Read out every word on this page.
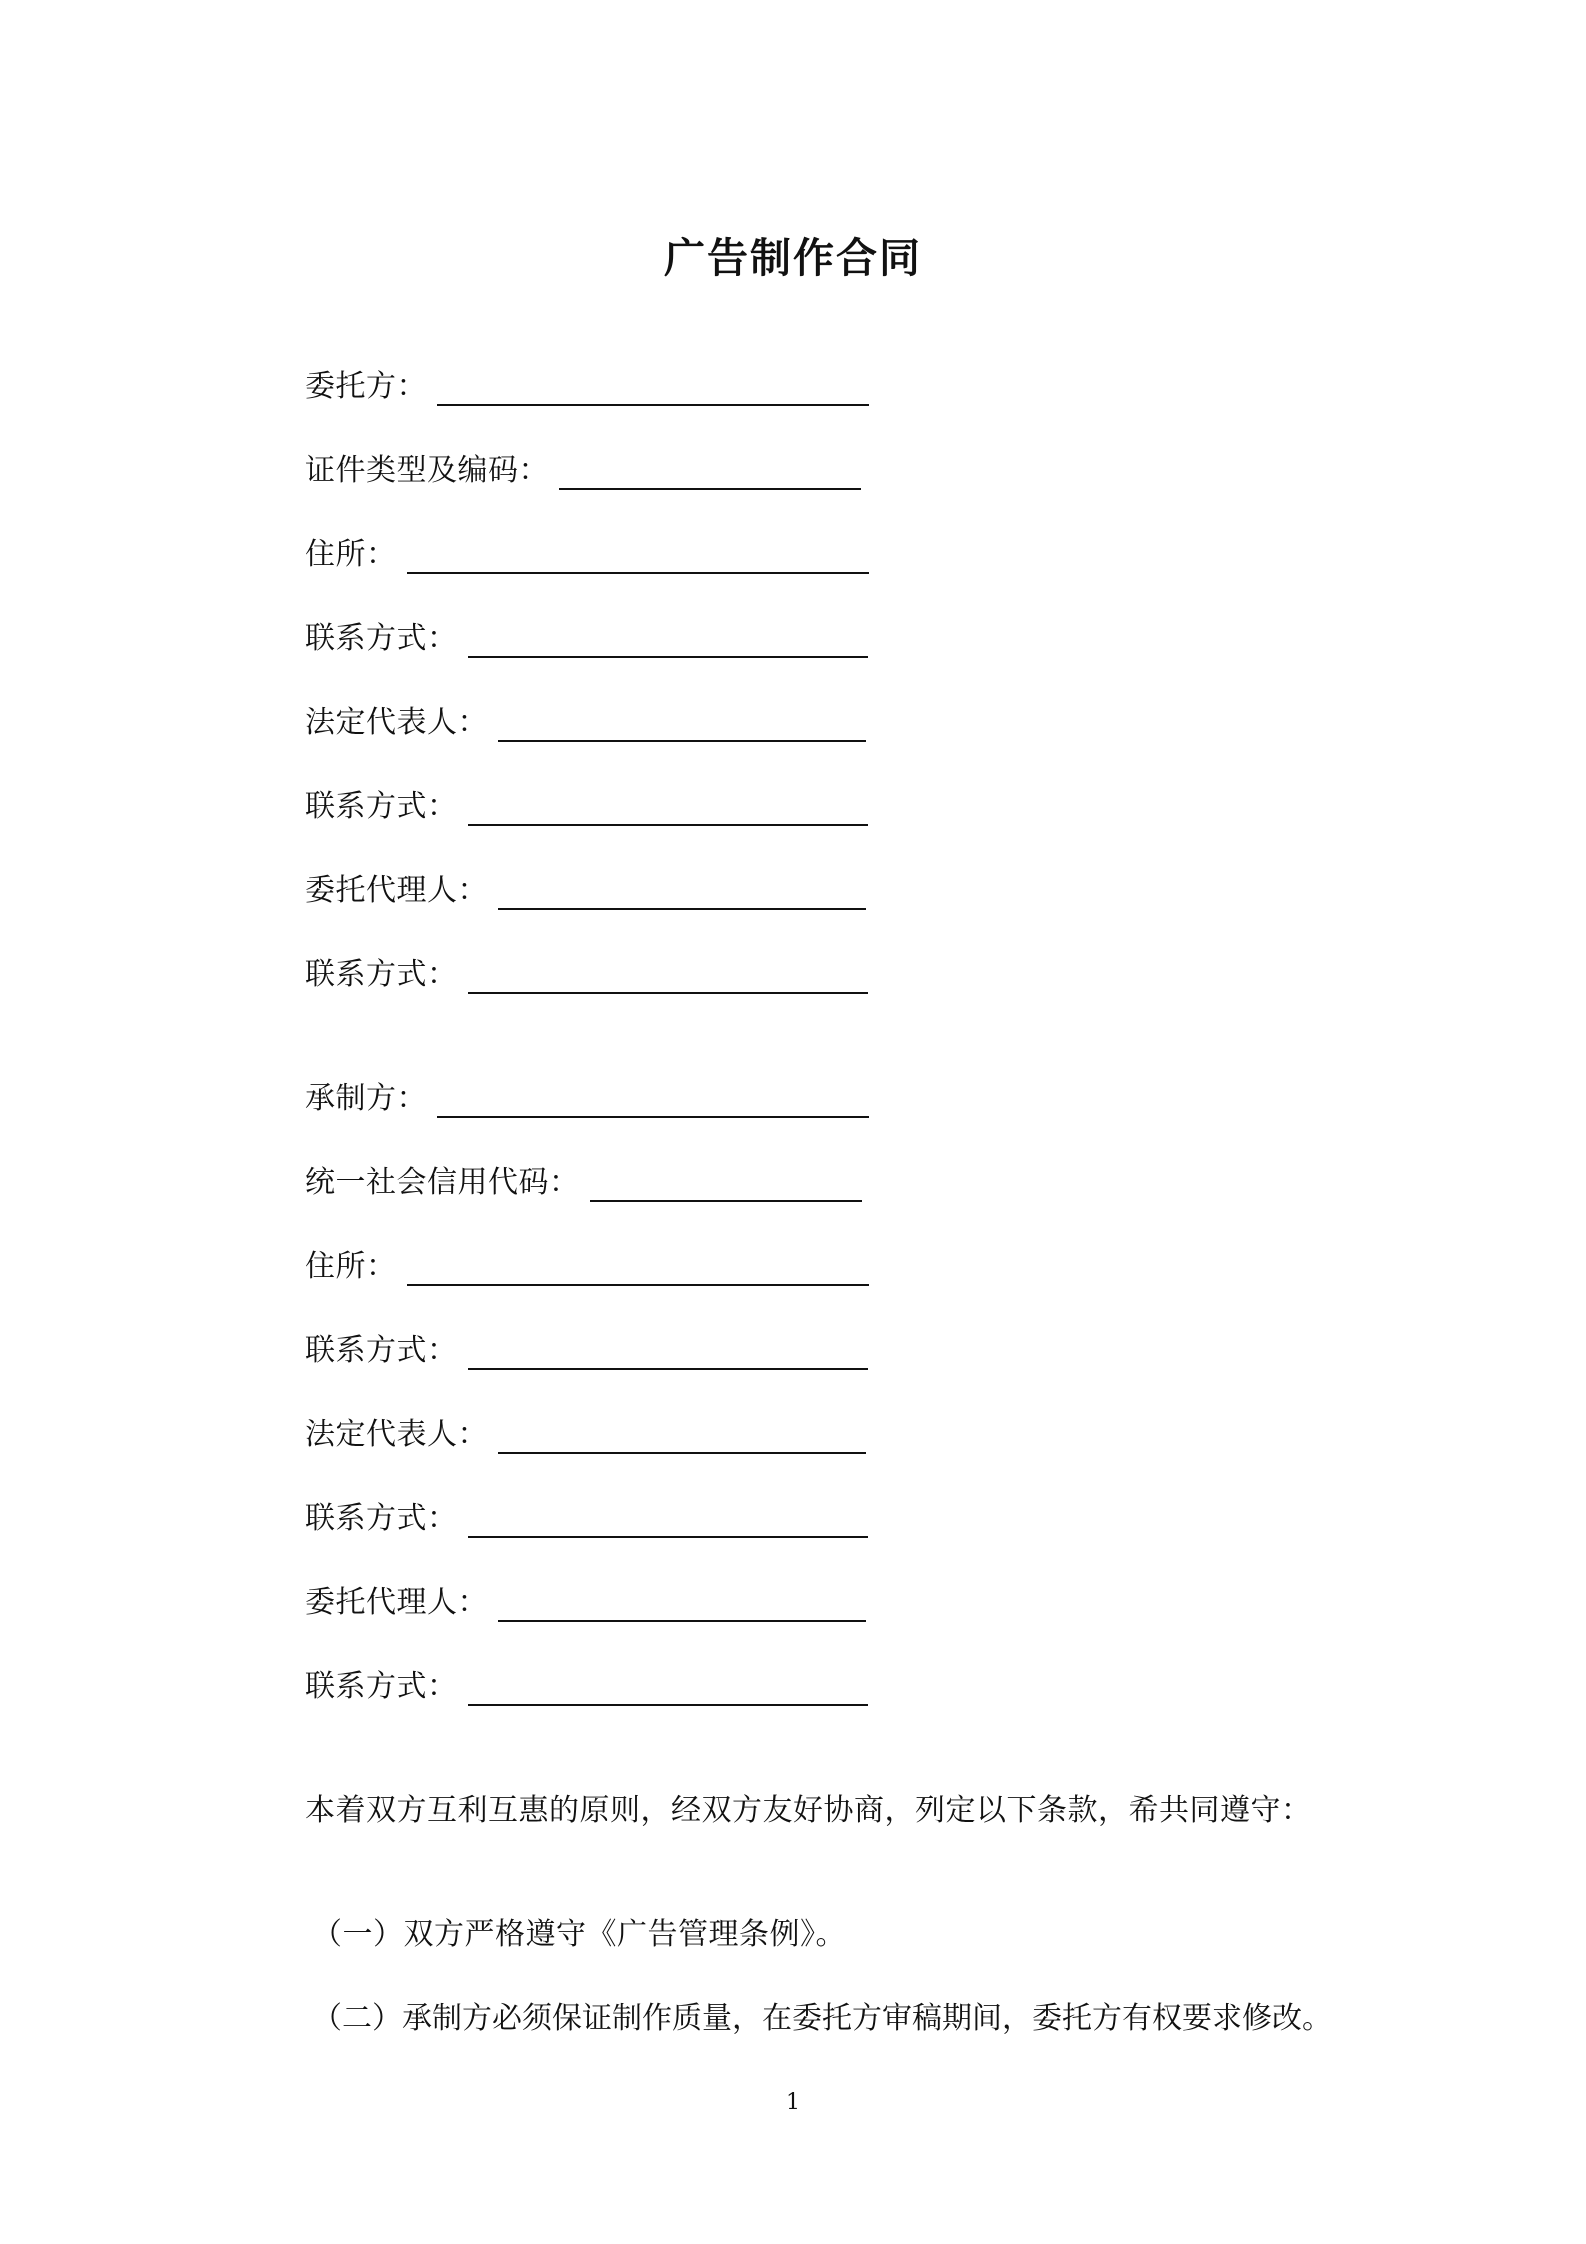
广告制作合同
委托方：
证件类型及编码：
住所：
联系方式：
法定代表人：
联系方式：
委托代理人：
联系方式：
承制方：
统一社会信用代码：
住所：
联系方式：
法定代表人：
联系方式：
委托代理人：
联系方式：
本着双方互利互惠的原则，经双方友好协商，列定以下条款，希共同遵守：
（一）双方严格遵守《广告管理条例》。
（二）承制方必须保证制作质量，在委托方审稿期间，委托方有权要求修改。
1
